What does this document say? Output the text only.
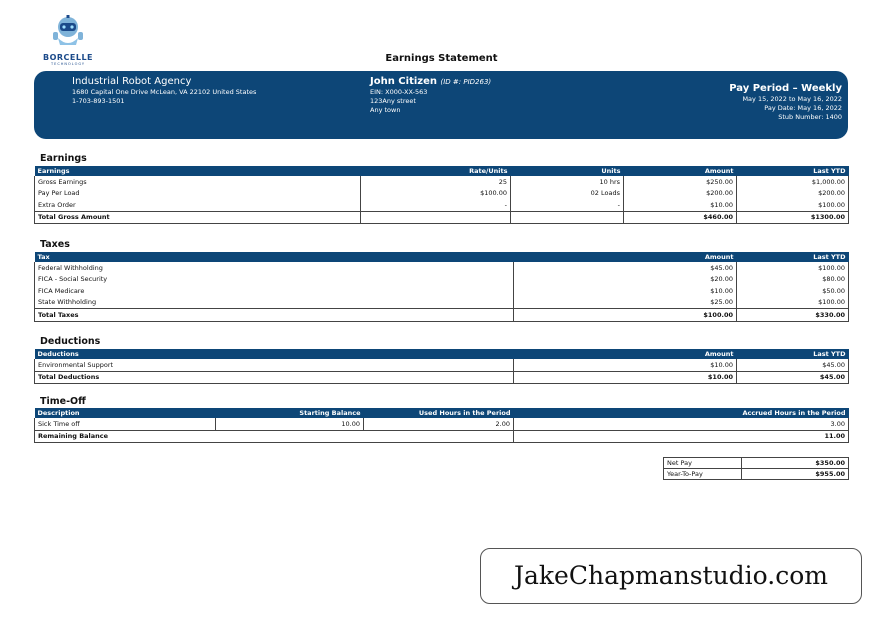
BORCELLE
TECHNOLOGY	Earnings Statement
Industrial Robot Agency
1680 Capital One Drive McLean, VA 22102 United States
1-703-893-1501
John Citizen (ID #: PID263)
EIN: X000-XX-563
123Any street
Any town
Pay Period – Weekly
May 15, 2022 to May 16, 2022
Pay Date: May 16, 2022
Stub Number: 1400
Earnings
Earnings	Rate/Units	Units	Amount	Last YTD
Gross Earnings	25	10 hrs	$250.00	$1,000.00
Pay Per Load	$100.00	02 Loads	$200.00	$200.00
Extra Order	-	-	$10.00	$100.00
Total Gross Amount			$460.00	$1300.00
Taxes
Tax	Amount	Last YTD
Federal Withholding	$45.00	$100.00
FICA - Social Security	$20.00	$80.00
FICA Medicare	$10.00	$50.00
State Withholding	$25.00	$100.00
Total Taxes	$100.00	$330.00
Deductions
Deductions	Amount	Last YTD
Environmental Support	$10.00	$45.00
Total Deductions	$10.00	$45.00
Time-Off
Description	Starting Balance	Used Hours in the Period	Accrued Hours in the Period
Sick Time off	10.00	2.00	3.00
Remaining Balance			11.00
Net Pay	$350.00
Year-To-Pay	$955.00
JakeChapmanstudio.com
